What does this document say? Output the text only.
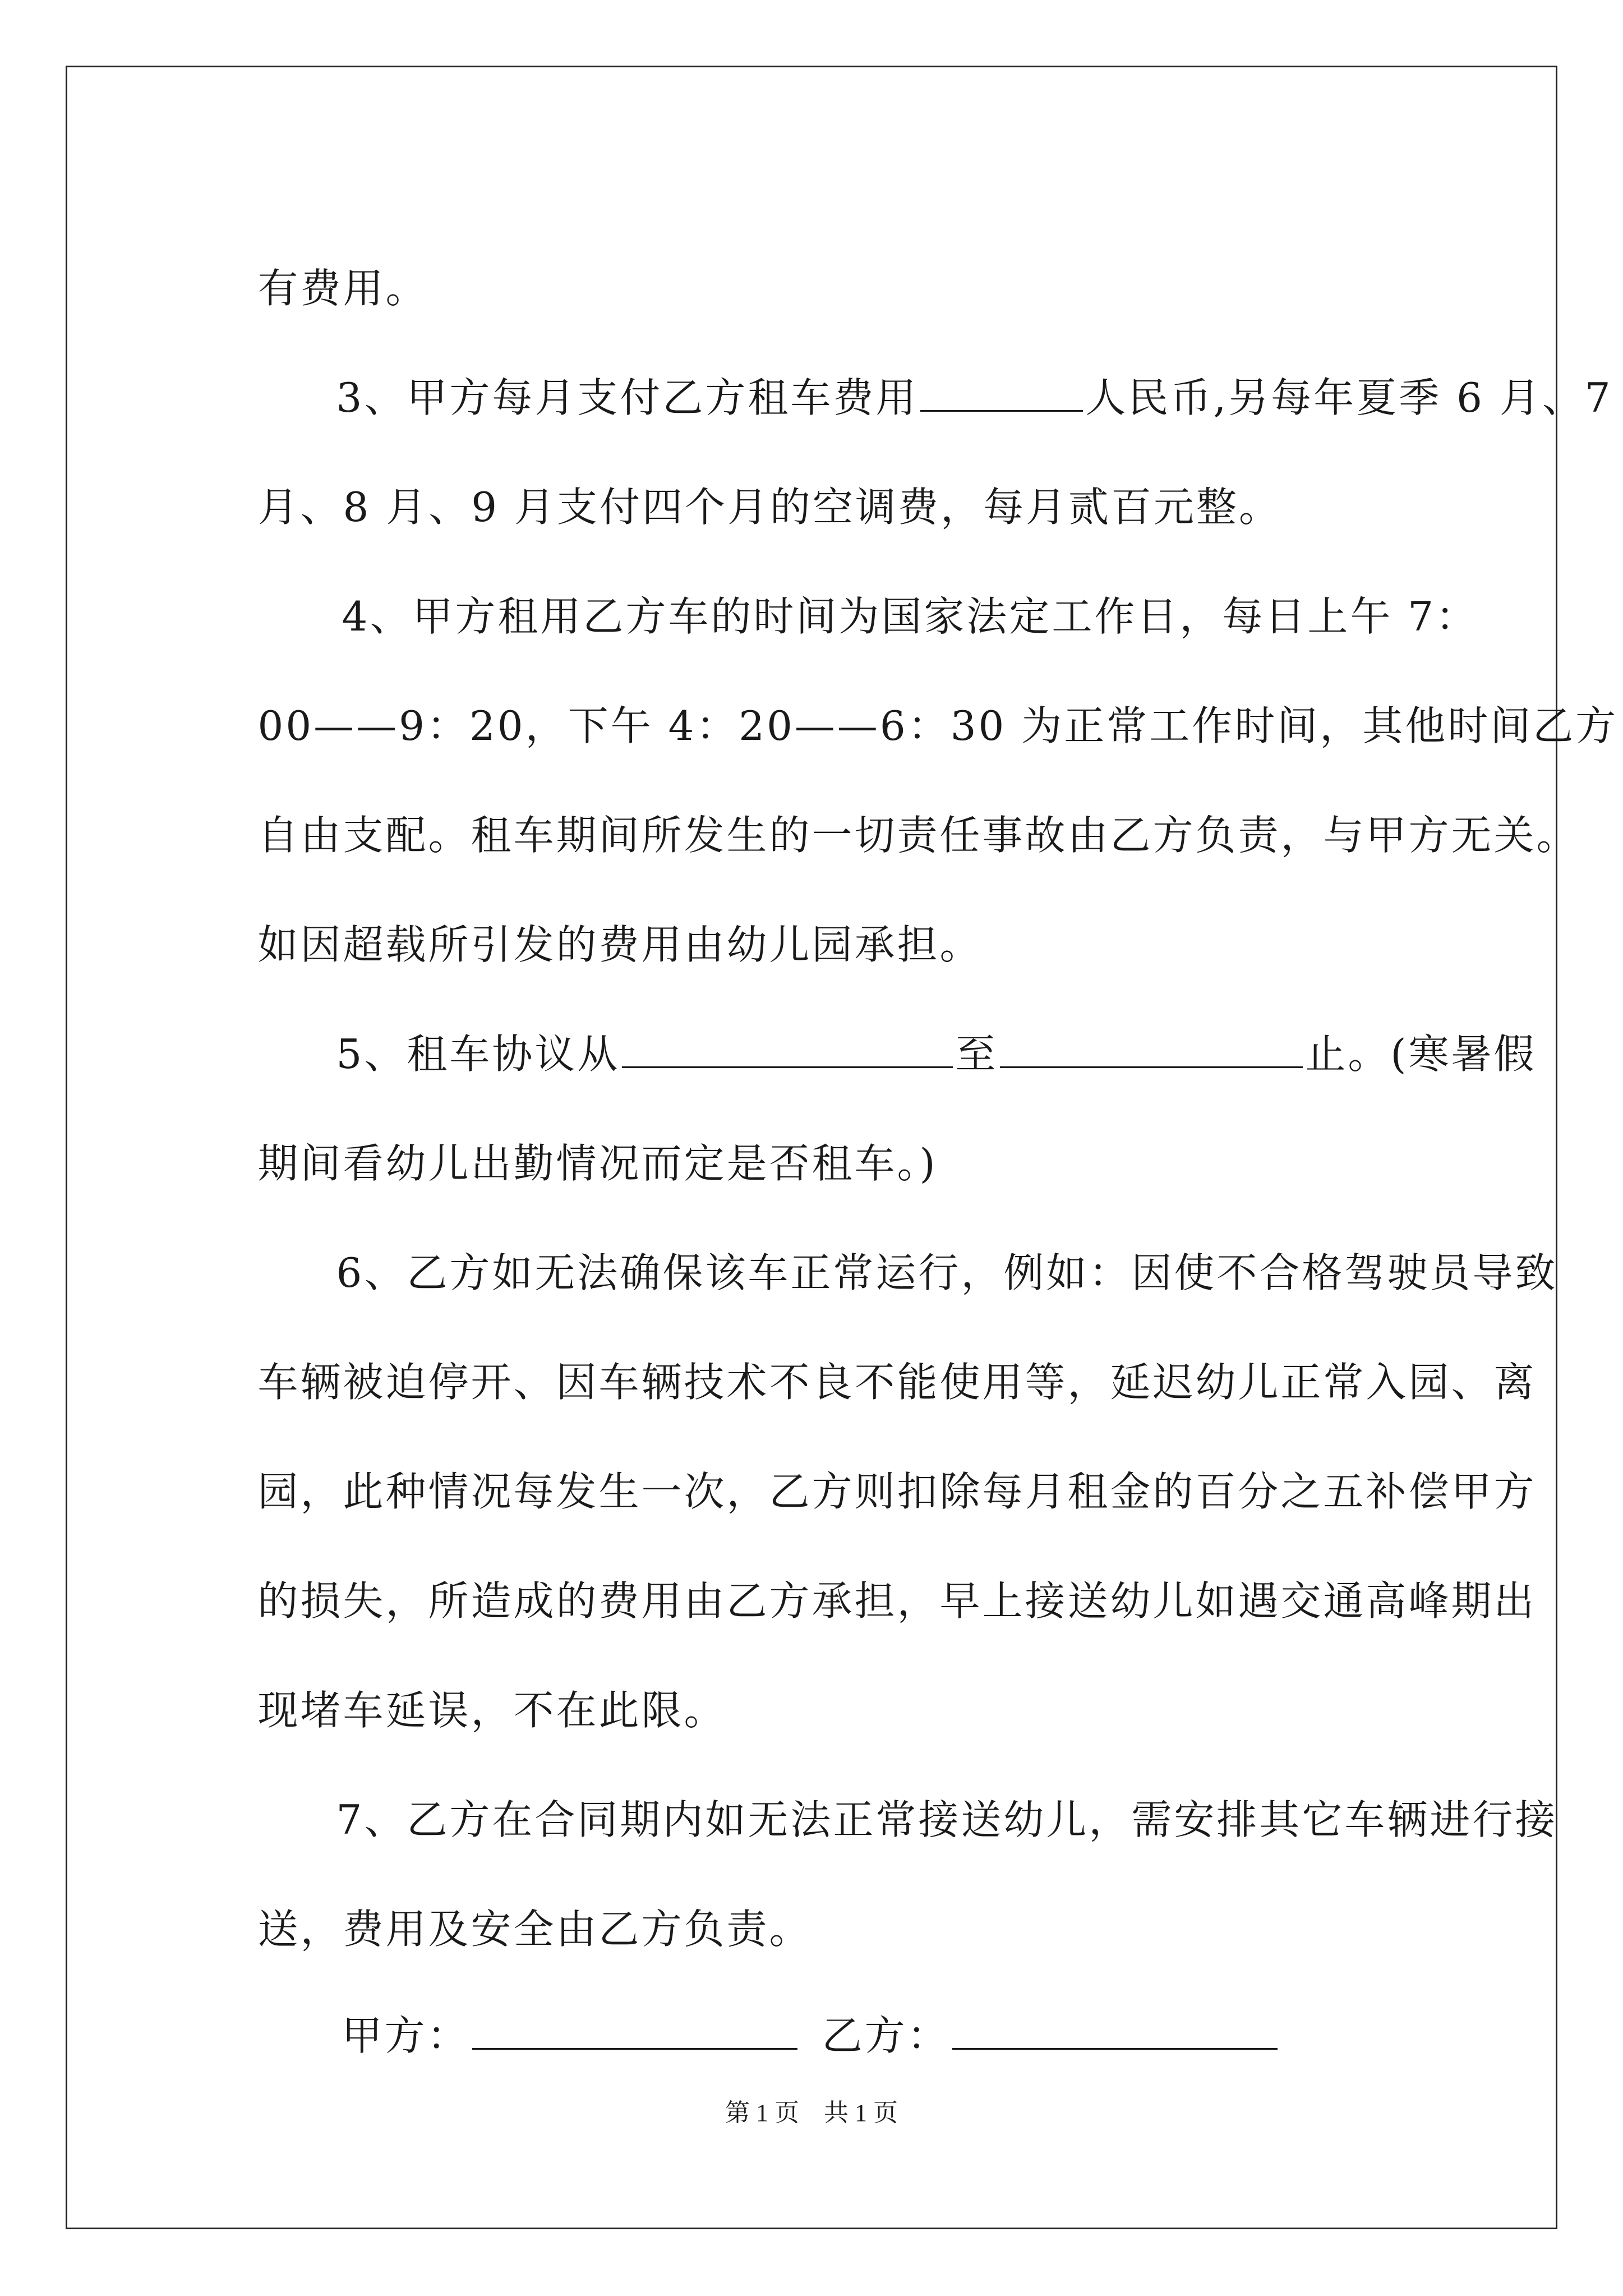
有费用。

3、甲方每月支付乙方租车费用	人民币,另每年夏季 6 月、7

月、8 月、9 月支付四个月的空调费，每月贰百元整。

4、甲方租用乙方车的时间为国家法定工作日，每日上午 7：

00——9：20，下午 4：20——6：30 为正常工作时间，其他时间乙方

自由支配。租车期间所发生的一切责任事故由乙方负责，与甲方无关。

如因超载所引发的费用由幼儿园承担。

5、租车协议从	至	止。(寒暑假

期间看幼儿出勤情况而定是否租车。)

6、乙方如无法确保该车正常运行，例如：因使不合格驾驶员导致

车辆被迫停开、因车辆技术不良不能使用等，延迟幼儿正常入园、离

园，此种情况每发生一次，乙方则扣除每月租金的百分之五补偿甲方

的损失，所造成的费用由乙方承担，早上接送幼儿如遇交通高峰期出

现堵车延误，不在此限。

7、乙方在合同期内如无法正常接送幼儿，需安排其它车辆进行接

送，费用及安全由乙方负责。

甲方：	乙方：

第 1 页　共 1 页
